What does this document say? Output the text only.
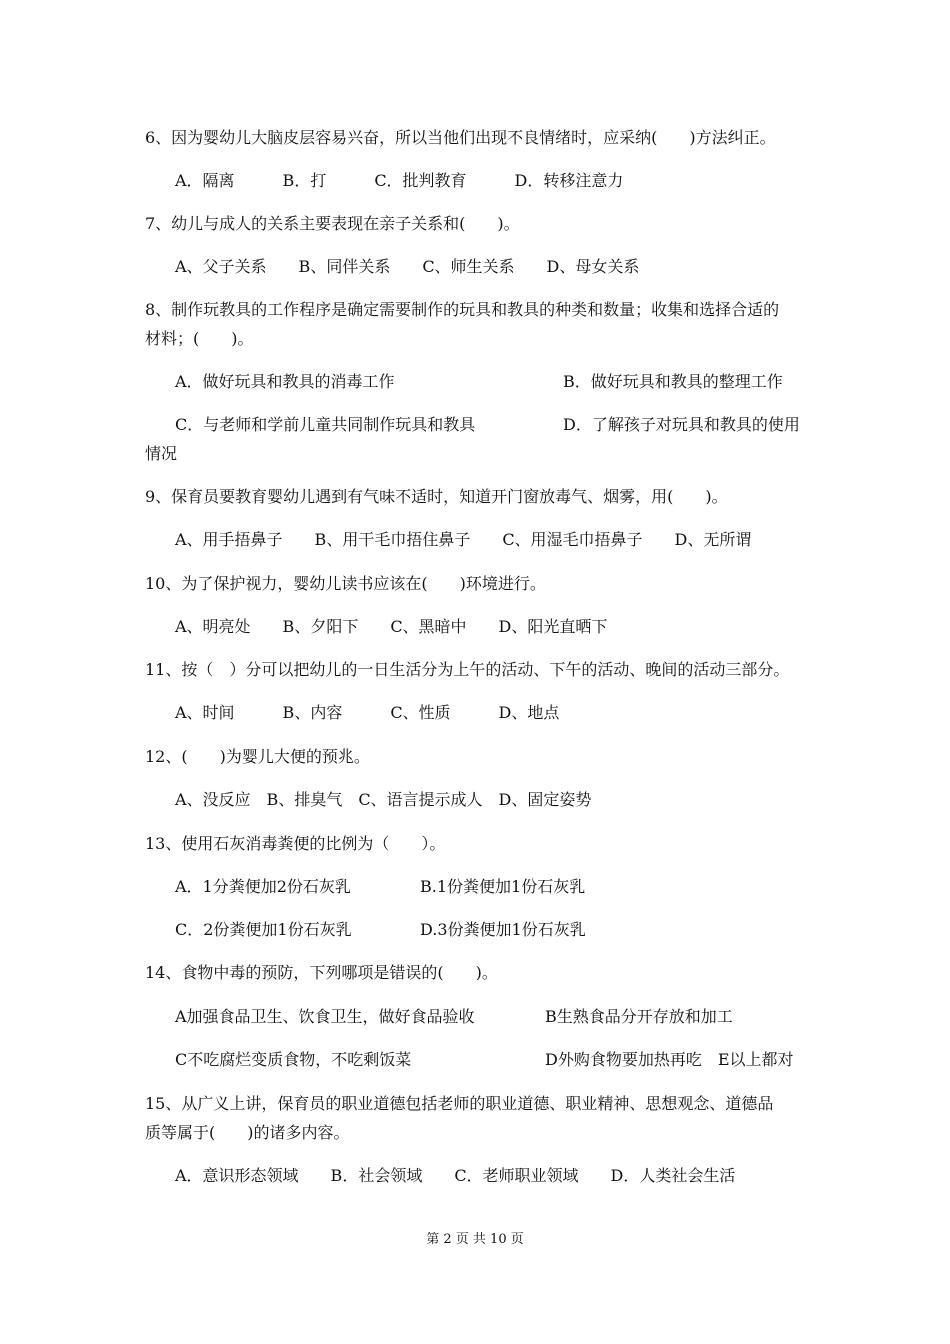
6、因为婴幼儿大脑皮层容易兴奋，所以当他们出现不良情绪时，应采纳(　　)方法纠正。
A．隔离　　　B．打　　　C．批判教育　　　D．转移注意力
7、幼儿与成人的关系主要表现在亲子关系和(　　)。
A、父子关系　　B、同伴关系　　C、师生关系　　D、母女关系
8、制作玩教具的工作程序是确定需要制作的玩具和教具的种类和数量；收集和选择合适的
材料；(　　)。
A．做好玩具和教具的消毒工作	B．做好玩具和教具的整理工作
C．与老师和学前儿童共同制作玩具和教具	D．了解孩子对玩具和教具的使用
情况
9、保育员要教育婴幼儿遇到有气味不适时，知道开门窗放毒气、烟雾，用(　　)。
A、用手捂鼻子　　B、用干毛巾捂住鼻子　　C、用湿毛巾捂鼻子　　D、无所谓
10、为了保护视力，婴幼儿读书应该在(　　)环境进行。
A、明亮处　　B、夕阳下　　C、黑暗中　　D、阳光直晒下
11、按（　）分可以把幼儿的一日生活分为上午的活动、下午的活动、晚间的活动三部分。
A、时间　　　B、内容　　　C、性质　　　D、地点
12、(　　)为婴儿大便的预兆。
A、没反应　B、排臭气　C、语言提示成人　D、固定姿势
13、使用石灰消毒粪便的比例为（　　）。
A．1分粪便加2份石灰乳	B.1份粪便加1份石灰乳
C．2份粪便加1份石灰乳	D.3份粪便加1份石灰乳
14、食物中毒的预防，下列哪项是错误的(　　)。
A加强食品卫生、饮食卫生，做好食品验收	B生熟食品分开存放和加工
C不吃腐烂变质食物，不吃剩饭菜	D外购食物要加热再吃　E以上都对
15、从广义上讲，保育员的职业道德包括老师的职业道德、职业精神、思想观念、道德品
质等属于(　　)的诸多内容。
A．意识形态领域　　B．社会领域　　C．老师职业领域　　D．人类社会生活
第 2 页 共 10 页
